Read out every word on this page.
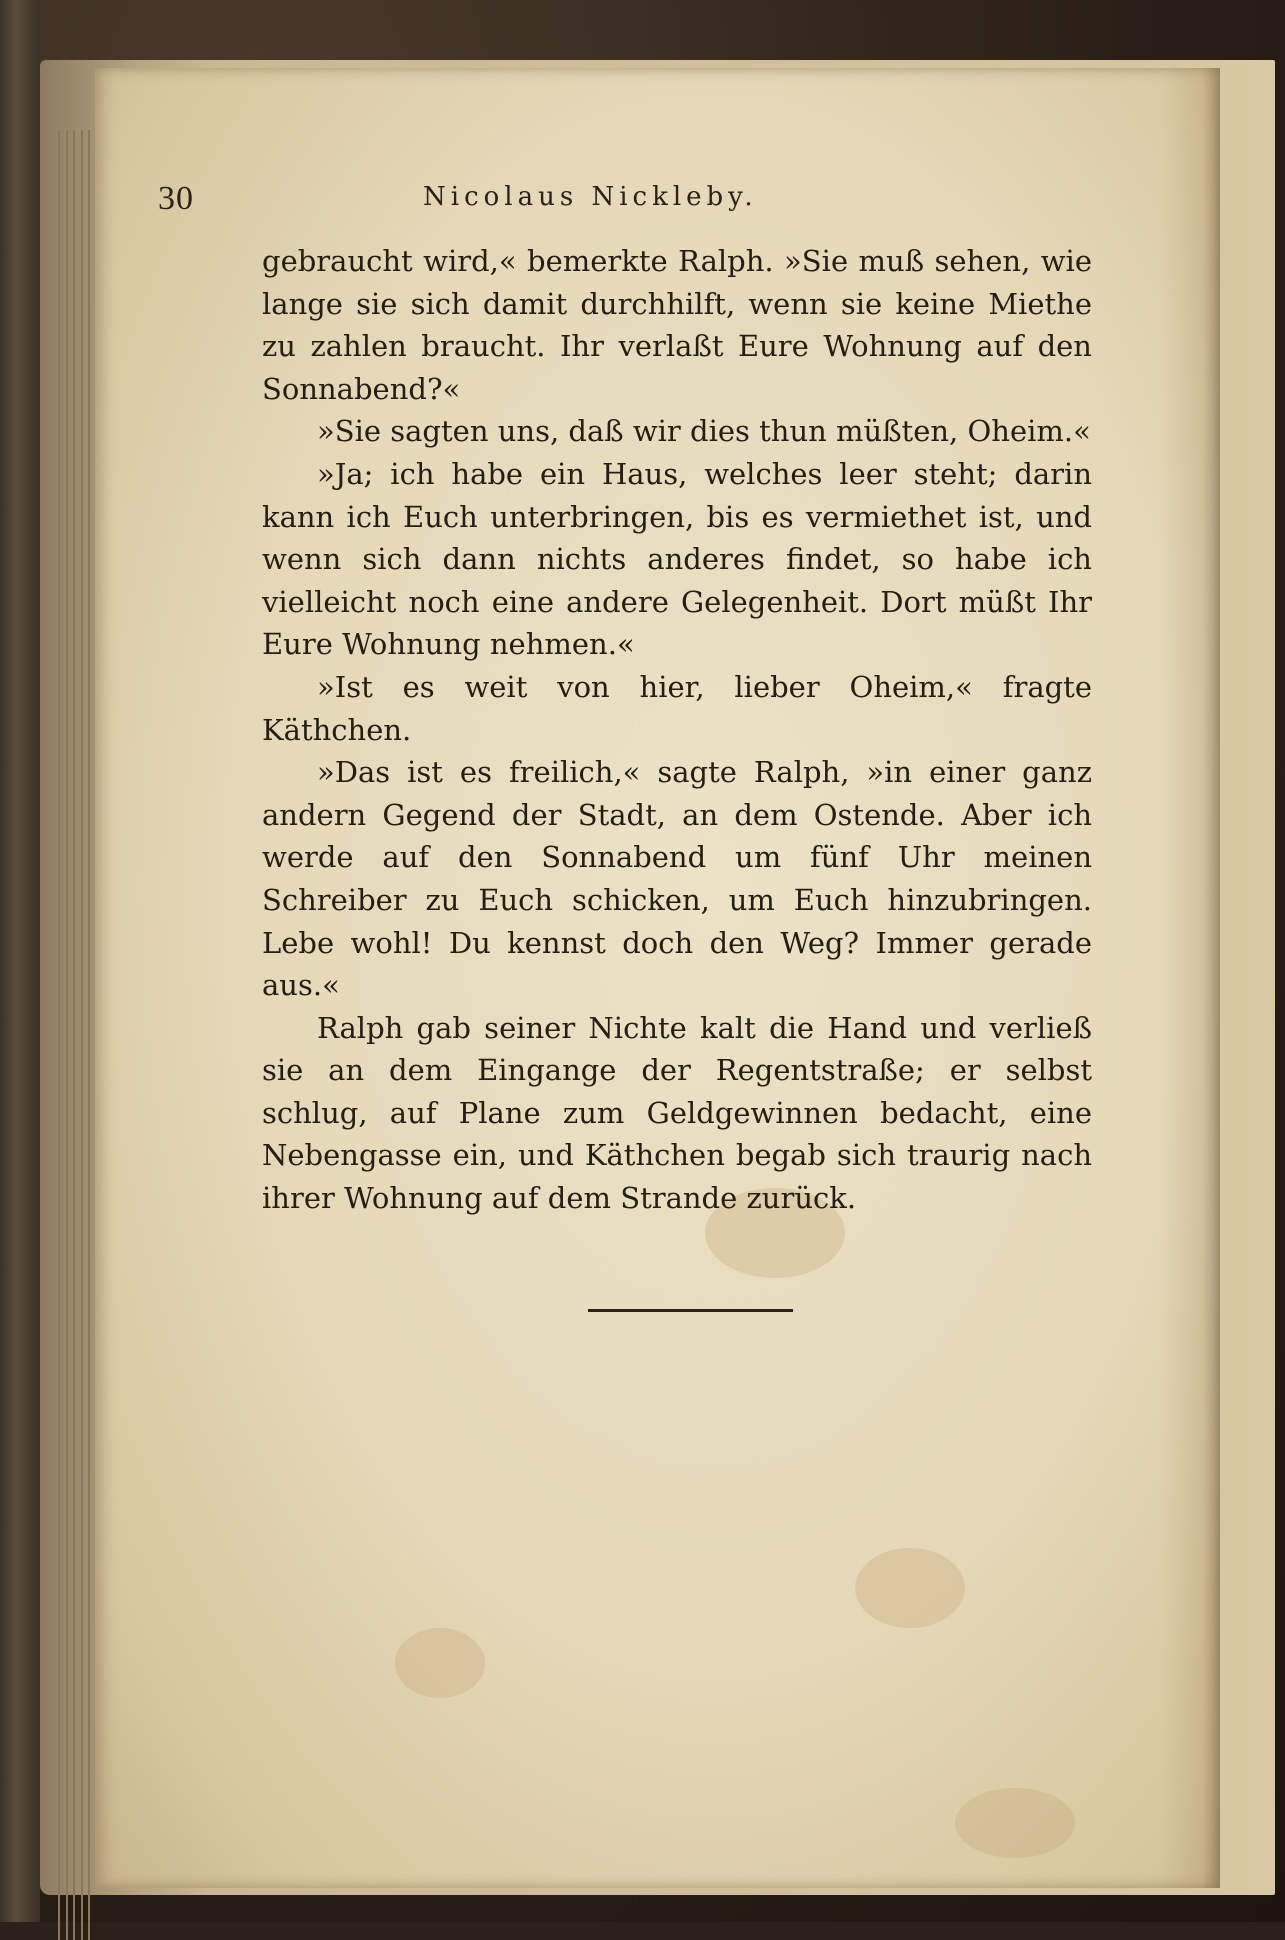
30	Nicolaus Nickleby.

gebraucht wird,« bemerkte Ralph. »Sie muß sehen, wie lange sie sich damit durchhilft, wenn sie keine Miethe zu zahlen braucht. Ihr verlaßt Eure Wohnung auf den Sonnabend?«

»Sie sagten uns, daß wir dies thun müßten, Oheim.«

»Ja; ich habe ein Haus, welches leer steht; darin kann ich Euch unterbringen, bis es vermiethet ist, und wenn sich dann nichts anderes findet, so habe ich vielleicht noch eine andere Gelegenheit. Dort müßt Ihr Eure Wohnung nehmen.«

»Ist es weit von hier, lieber Oheim,« fragte Käthchen.

»Das ist es freilich,« sagte Ralph, »in einer ganz andern Gegend der Stadt, an dem Ostende. Aber ich werde auf den Sonnabend um fünf Uhr meinen Schreiber zu Euch schicken, um Euch hinzubringen. Lebe wohl! Du kennst doch den Weg? Immer gerade aus.«

Ralph gab seiner Nichte kalt die Hand und verließ sie an dem Eingange der Regentstraße; er selbst schlug, auf Plane zum Geldgewinnen bedacht, eine Nebengasse ein, und Käthchen begab sich traurig nach ihrer Wohnung auf dem Strande zurück.
